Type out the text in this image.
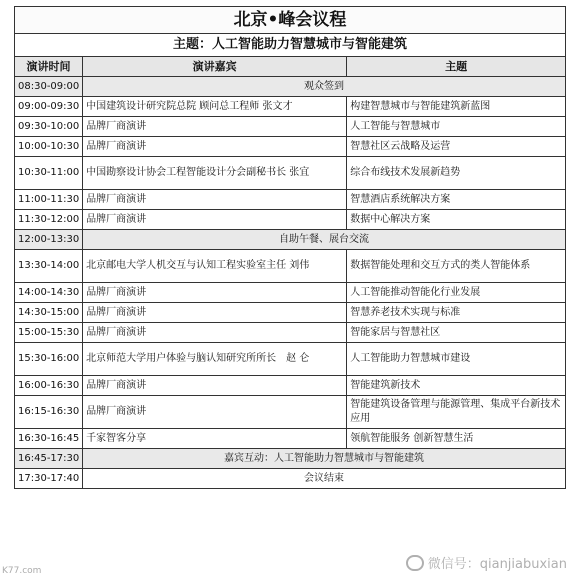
北京•峰会议程		
主题：人工智能助力智慧城市与智能建筑		
演讲时间	演讲嘉宾	主题
08:30-09:00	观众签到	
09:00-09:30	中国建筑设计研究院总院 顾问总工程师 张文才	构建智慧城市与智能建筑新蓝图
09:30-10:00	品牌厂商演讲	人工智能与智慧城市
10:00-10:30	品牌厂商演讲	智慧社区云战略及运营
10:30-11:00	中国勘察设计协会工程智能设计分会副秘书长 张宜	综合布线技术发展新趋势
11:00-11:30	品牌厂商演讲	智慧酒店系统解决方案
11:30-12:00	品牌厂商演讲	数据中心解决方案
12:00-13:30	自助午餐、展台交流	
13:30-14:00	北京邮电大学人机交互与认知工程实验室主任 刘伟	数据智能处理和交互方式的类人智能体系
14:00-14:30	品牌厂商演讲	人工智能推动智能化行业发展
14:30-15:00	品牌厂商演讲	智慧养老技术实现与标准
15:00-15:30	品牌厂商演讲	智能家居与智慧社区
15:30-16:00	北京师范大学用户体验与脑认知研究所所长　赵 仑	人工智能助力智慧城市建设
16:00-16:30	品牌厂商演讲	智能建筑新技术
16:15-16:30	品牌厂商演讲	智能建筑设备管理与能源管理、集成平台新技术应用
16:30-16:45	千家智客分享	领航智能服务 创新智慧生活
16:45-17:30	嘉宾互动：人工智能助力智慧城市与智能建筑	
17:30-17:40	会议结束	
微信号：qianjiabuxian
K77.com
